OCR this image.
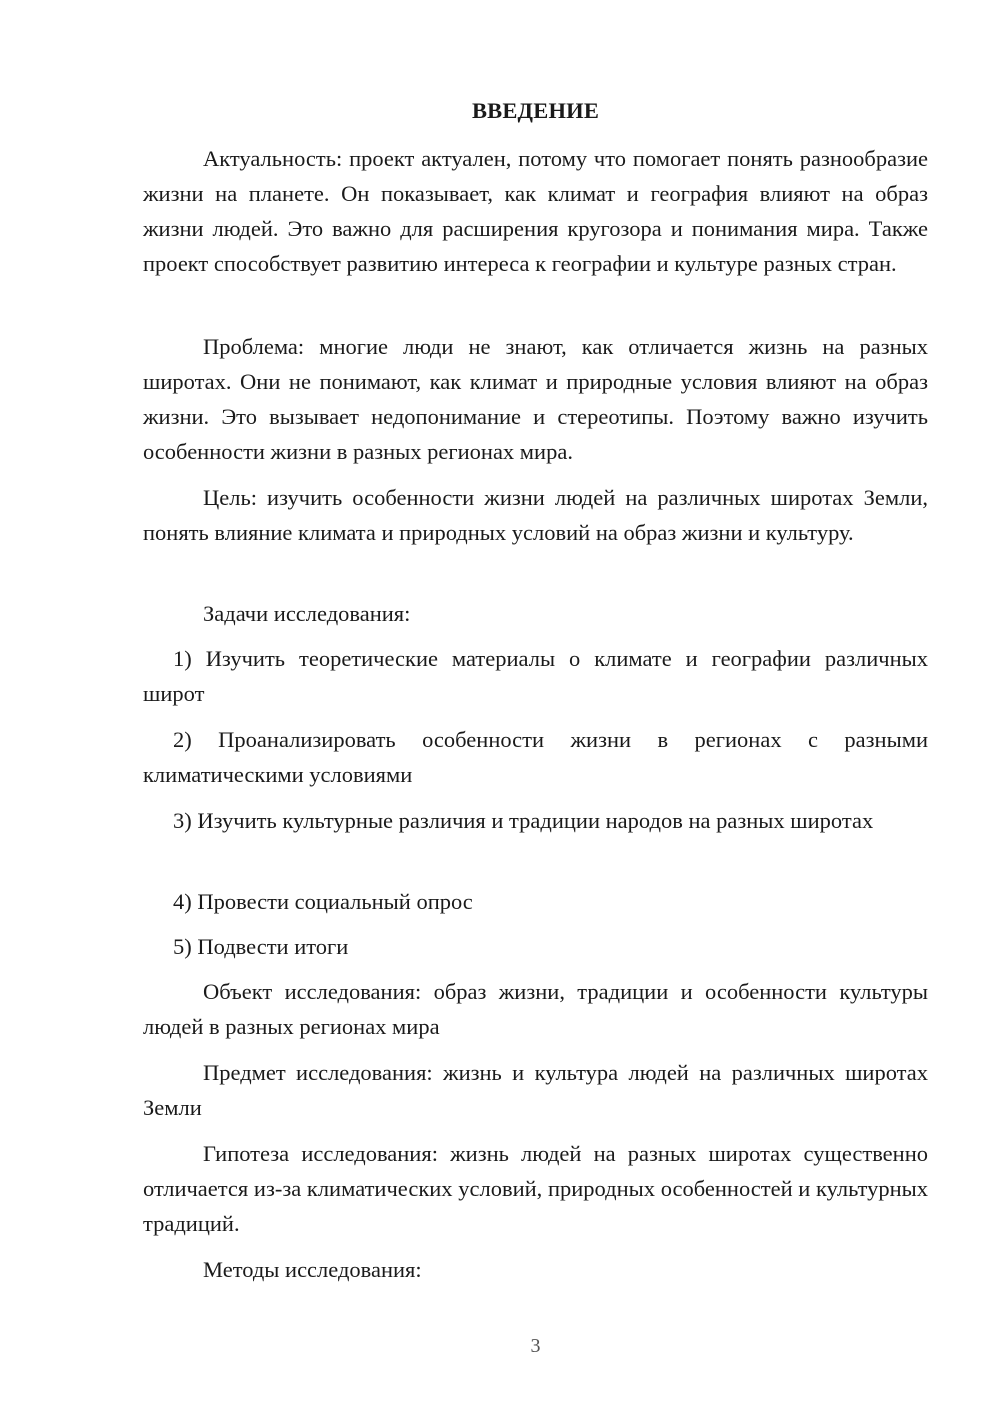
ВВЕДЕНИЕ

Актуальность: проект актуален, потому что помогает понять разнообразие жизни на планете. Он показывает, как климат и география влияют на образ жизни людей. Это важно для расширения кругозора и понимания мира. Также проект способствует развитию интереса к географии и культуре разных стран.

Проблема: многие люди не знают, как отличается жизнь на разных широтах. Они не понимают, как климат и природные условия влияют на образ жизни. Это вызывает недопонимание и стереотипы. Поэтому важно изучить особенности жизни в разных регионах мира.

Цель: изучить особенности жизни людей на различных широтах Земли, понять влияние климата и природных условий на образ жизни и культуру.

Задачи исследования:

1) Изучить теоретические материалы о климате и географии различных широт

2) Проанализировать особенности жизни в регионах с разными климатическими условиями

3) Изучить культурные различия и традиции народов на разных широтах

4) Провести социальный опрос

5) Подвести итоги

Объект исследования: образ жизни, традиции и особенности культуры людей в разных регионах мира

Предмет исследования: жизнь и культура людей на различных широтах Земли

Гипотеза исследования: жизнь людей на разных широтах существенно отличается из-за климатических условий, природных особенностей и культурных традиций.

Методы исследования:

3
